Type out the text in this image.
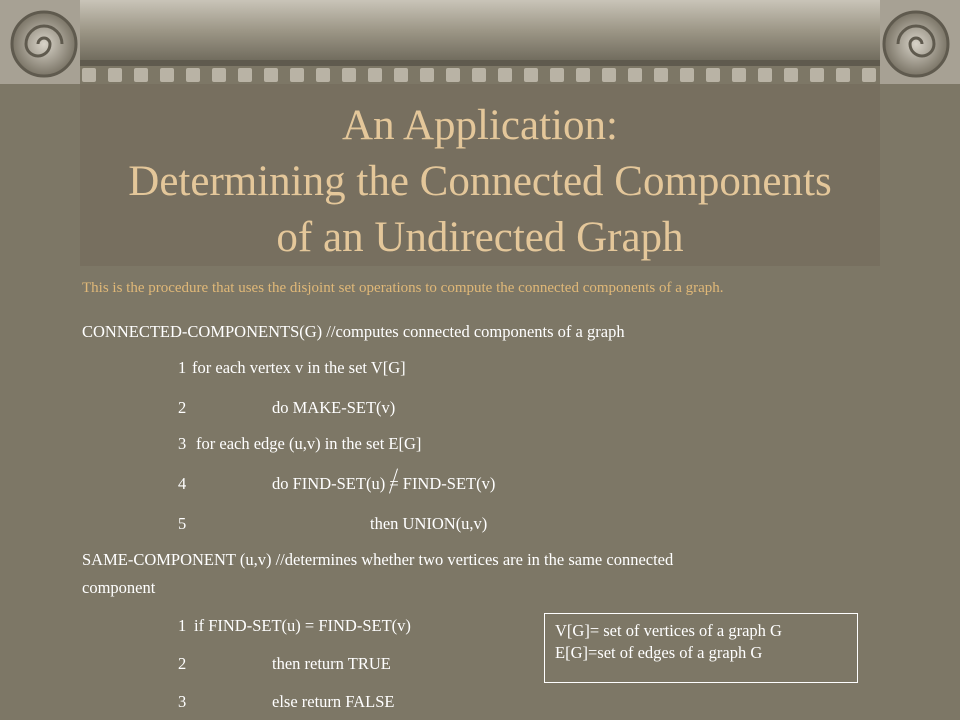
An Application:
Determining the Connected Components
of an Undirected Graph
This is the procedure that uses the disjoint set operations to compute the connected components of a graph.
CONNECTED-COMPONENTS(G) //computes connected components of a graph
1 for each vertex v in the set V[G]
2	do MAKE-SET(v)
3 for each edge (u,v) in the set E[G]
4	do FIND-SET(u) = FIND-SET(v)
5	then UNION(u,v)
SAME-COMPONENT (u,v) //determines whether two vertices are in the same connected
component
1 if FIND-SET(u) = FIND-SET(v)
2	then return TRUE
3	else return FALSE
V[G]= set of vertices of a graph G
E[G]=set of edges of a graph G
